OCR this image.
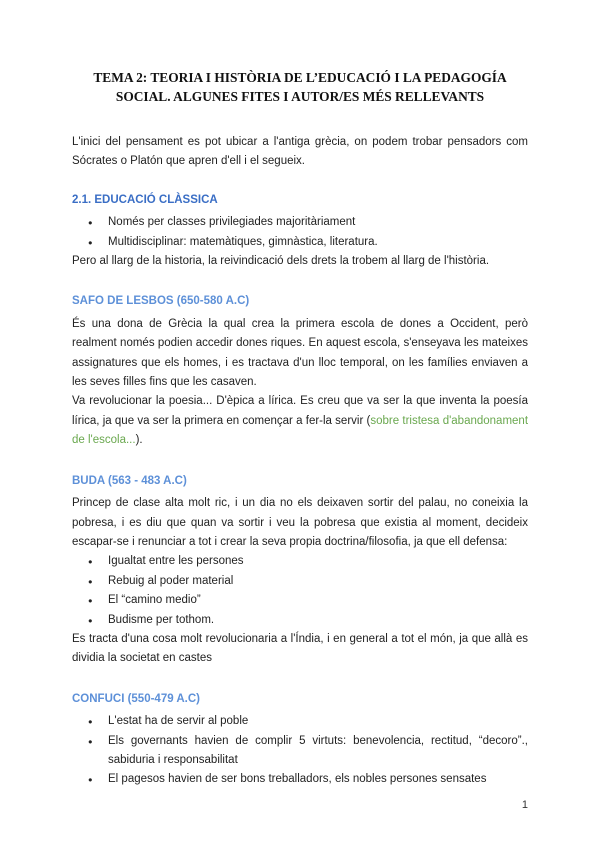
TEMA 2: TEORIA I HISTÒRIA DE L’EDUCACIÓ I LA PEDAGOGÍA
SOCIAL. ALGUNES FITES I AUTOR/ES MÉS RELLEVANTS

L'inici del pensament es pot ubicar a l'antiga grècia, on podem trobar pensadors com Sócrates o Platón que apren d'ell i el segueix.

2.1. EDUCACIÓ CLÀSSICA
● Només per classes privilegiades majoritàriament
● Multidisciplinar: matemàtiques, gimnàstica, literatura.

Pero al llarg de la historia, la reivindicació dels drets la trobem al llarg de l'història.

SAFO DE LESBOS (650-580 A.C)

És una dona de Grècia la qual crea la primera escola de dones a Occident, però realment només podien accedir dones riques. En aquest escola, s'enseyava les mateixes assignatures que els homes, i es tractava d'un lloc temporal, on les famílies enviaven a les seves filles fins que les casaven.

Va revolucionar la poesia... D'èpica a lírica. Es creu que va ser la que inventa la poesía lírica, ja que va ser la primera en començar a fer-la servir (sobre tristesa d'abandonament de l'escola...).

BUDA (563 - 483 A.C)

Princep de clase alta molt ric, i un dia no els deixaven sortir del palau, no coneixia la pobresa, i es diu que quan va sortir i veu la pobresa que existia al moment, decideix escapar-se i renunciar a tot i crear la seva propia doctrina/filosofia, ja que ell defensa:

● Igualtat entre les persones
● Rebuig al poder material
● El “camino medio”
● Budisme per tothom.

Es tracta d'una cosa molt revolucionaria a l'Índia, i en general a tot el món, ja que allà es dividia la societat en castes

CONFUCI (550-479 A.C)
● L'estat ha de servir al poble
● Els governants havien de complir 5 virtuts: benevolencia, rectitud, “decoro”., sabiduria i responsabilitat
● El pagesos havien de ser bons treballadors, els nobles persones sensates
1
